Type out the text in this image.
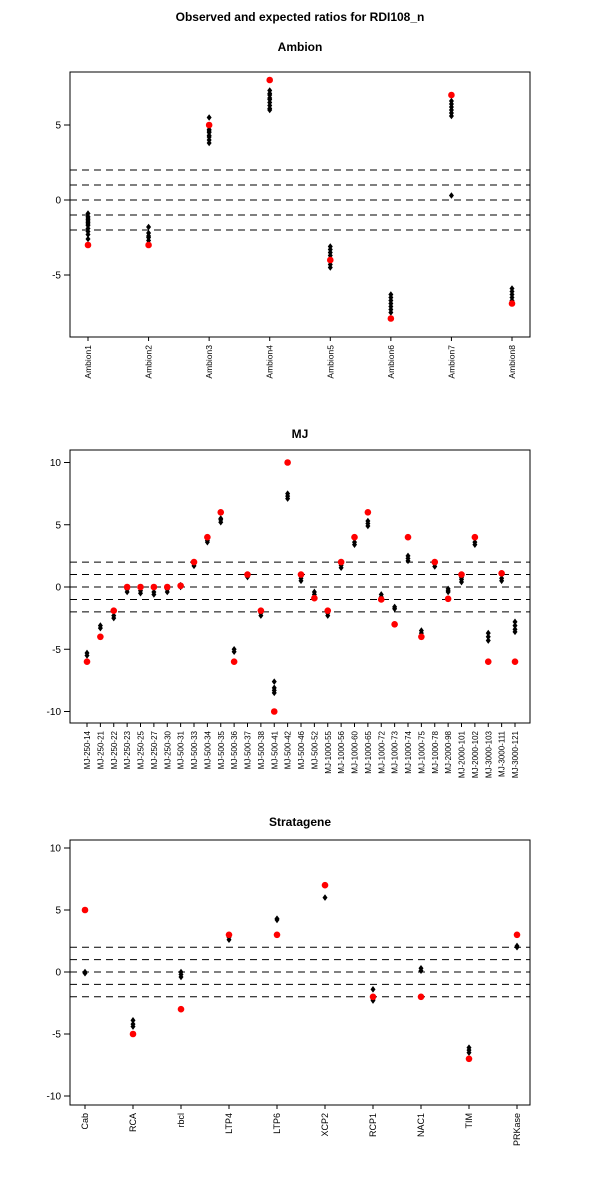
Observed and expected ratios for RDI108_n
Ambion
5
0
-5
Ambion1	Ambion2	Ambion3	Ambion4	Ambion5	Ambion6	Ambion7	Ambion8
MJ
10
5
0
-5
-10
MJ-250-14 MJ-250-21 MJ-250-22 MJ-250-23 MJ-250-25 MJ-250-27 MJ-250-30 MJ-500-31 MJ-500-33 MJ-500-34 MJ-500-35 MJ-500-36 MJ-500-37 MJ-500-38 MJ-500-41 MJ-500-42 MJ-500-46 MJ-500-52 MJ-1000-55 MJ-1000-56 MJ-1000-60 MJ-1000-65 MJ-1000-72 MJ-1000-73 MJ-1000-74 MJ-1000-75 MJ-1000-78 MJ-2000-98 MJ-2000-101 MJ-2000-102 MJ-3000-103 MJ-3000-111 MJ-3000-121
Stratagene
10
5
0
-5
-10
Cab	RCA	rbcl	LTP4	LTP6	XCP2	RCP1	NAC1	TIM	PRKase
